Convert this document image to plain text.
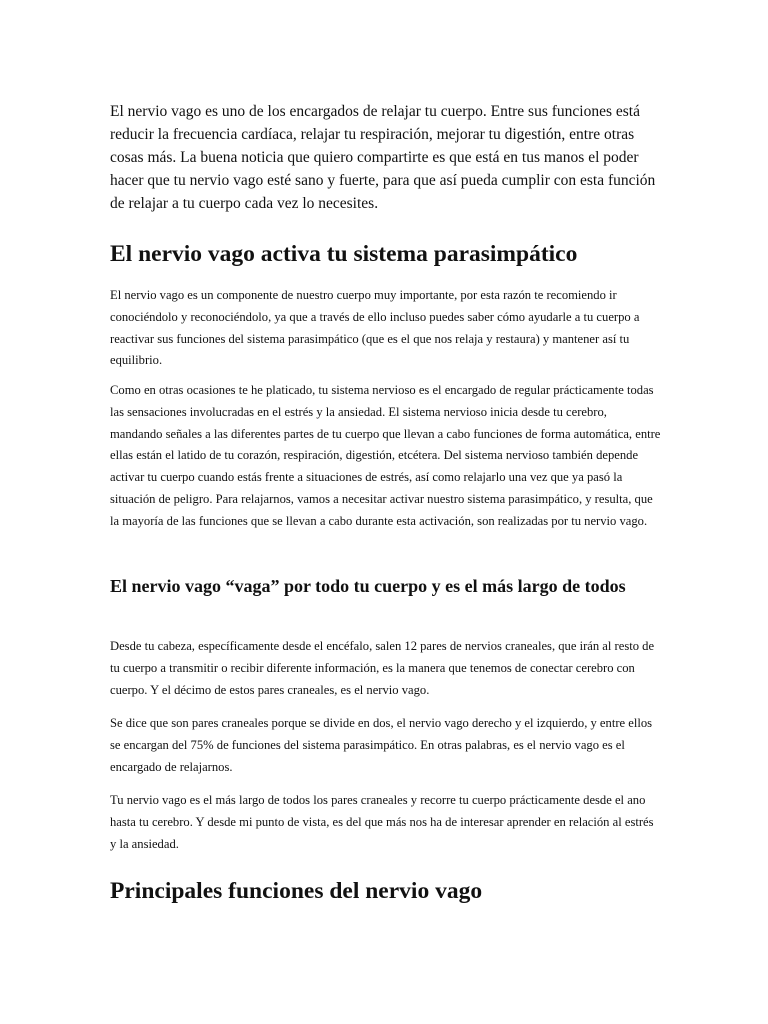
El nervio vago es uno de los encargados de relajar tu cuerpo. Entre sus funciones está reducir la frecuencia cardíaca, relajar tu respiración, mejorar tu digestión, entre otras cosas más. La buena noticia que quiero compartirte es que está en tus manos el poder hacer que tu nervio vago esté sano y fuerte, para que así pueda cumplir con esta función de relajar a tu cuerpo cada vez lo necesites.

El nervio vago activa tu sistema parasimpático

El nervio vago es un componente de nuestro cuerpo muy importante, por esta razón te recomiendo ir conociéndolo y reconociéndolo, ya que a través de ello incluso puedes saber cómo ayudarle a tu cuerpo a reactivar sus funciones del sistema parasimpático (que es el que nos relaja y restaura) y mantener así tu equilibrio.

Como en otras ocasiones te he platicado, tu sistema nervioso es el encargado de regular prácticamente todas las sensaciones involucradas en el estrés y la ansiedad. El sistema nervioso inicia desde tu cerebro, mandando señales a las diferentes partes de tu cuerpo que llevan a cabo funciones de forma automática, entre ellas están el latido de tu corazón, respiración, digestión, etcétera. Del sistema nervioso también depende activar tu cuerpo cuando estás frente a situaciones de estrés, así como relajarlo una vez que ya pasó la situación de peligro. Para relajarnos, vamos a necesitar activar nuestro sistema parasimpático, y resulta, que la mayoría de las funciones que se llevan a cabo durante esta activación, son realizadas por tu nervio vago.

El nervio vago “vaga” por todo tu cuerpo y es el más largo de todos

Desde tu cabeza, específicamente desde el encéfalo, salen 12 pares de nervios craneales, que irán al resto de tu cuerpo a transmitir o recibir diferente información, es la manera que tenemos de conectar cerebro con cuerpo. Y el décimo de estos pares craneales, es el nervio vago.

Se dice que son pares craneales porque se divide en dos, el nervio vago derecho y el izquierdo, y entre ellos se encargan del 75% de funciones del sistema parasimpático. En otras palabras, es el nervio vago es el encargado de relajarnos.

Tu nervio vago es el más largo de todos los pares craneales y recorre tu cuerpo prácticamente desde el ano hasta tu cerebro. Y desde mi punto de vista, es del que más nos ha de interesar aprender en relación al estrés y la ansiedad.

Principales funciones del nervio vago
